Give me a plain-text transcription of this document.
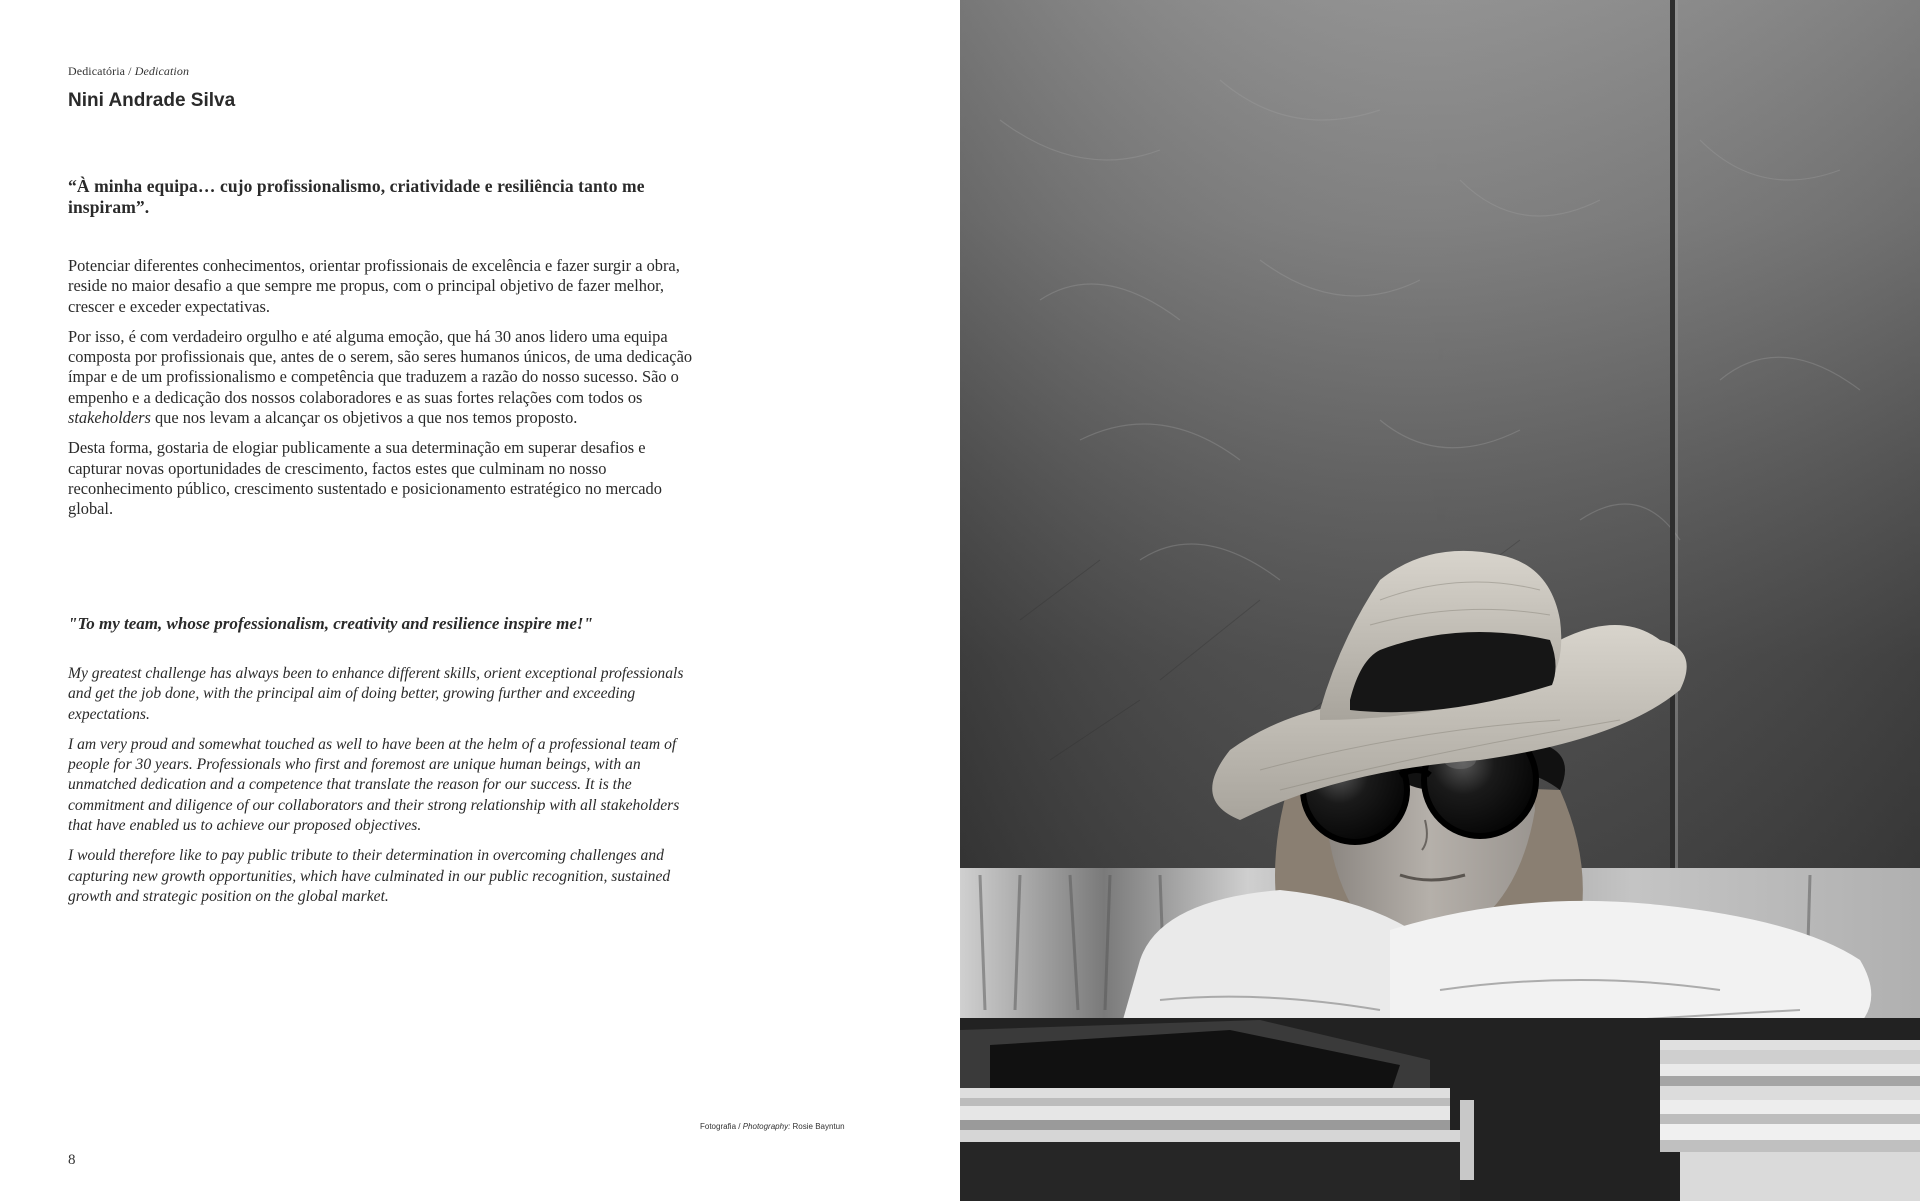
Dedicatória / Dedication
Nini Andrade Silva
“À minha equipa… cujo profissionalismo, criatividade e resiliência tanto me inspiram”.

Potenciar diferentes conhecimentos, orientar profissionais de excelência e fazer surgir a obra, reside no maior desafio a que sempre me propus, com o principal objetivo de fazer melhor, crescer e exceder expectativas.

Por isso, é com verdadeiro orgulho e até alguma emoção, que há 30 anos lidero uma equipa composta por profissionais que, antes de o serem, são seres humanos únicos, de uma dedicação ímpar e de um profissionalismo e competência que traduzem a razão do nosso sucesso. São o empenho e a dedicação dos nossos colaboradores e as suas fortes relações com todos os stakeholders que nos levam a alcançar os objetivos a que nos temos proposto.

Desta forma, gostaria de elogiar publicamente a sua determinação em superar desafios e capturar novas oportunidades de crescimento, factos estes que culminam no nosso reconhecimento público, crescimento sustentado e posicionamento estratégico no mercado global.

"To my team, whose professionalism, creativity and resilience inspire me!"

My greatest challenge has always been to enhance different skills, orient exceptional professionals and get the job done, with the principal aim of doing better, growing further and exceeding expectations.

I am very proud and somewhat touched as well to have been at the helm of a professional team of people for 30 years. Professionals who first and foremost are unique human beings, with an unmatched dedication and a competence that translate the reason for our success. It is the commitment and diligence of our collaborators and their strong relationship with all stakeholders that have enabled us to achieve our proposed objectives.

I would therefore like to pay public tribute to their determination in overcoming challenges and capturing new growth opportunities, which have culminated in our public recognition, sustained growth and strategic position on the global market.

Fotografia / Photography: Rosie Bayntun
8
